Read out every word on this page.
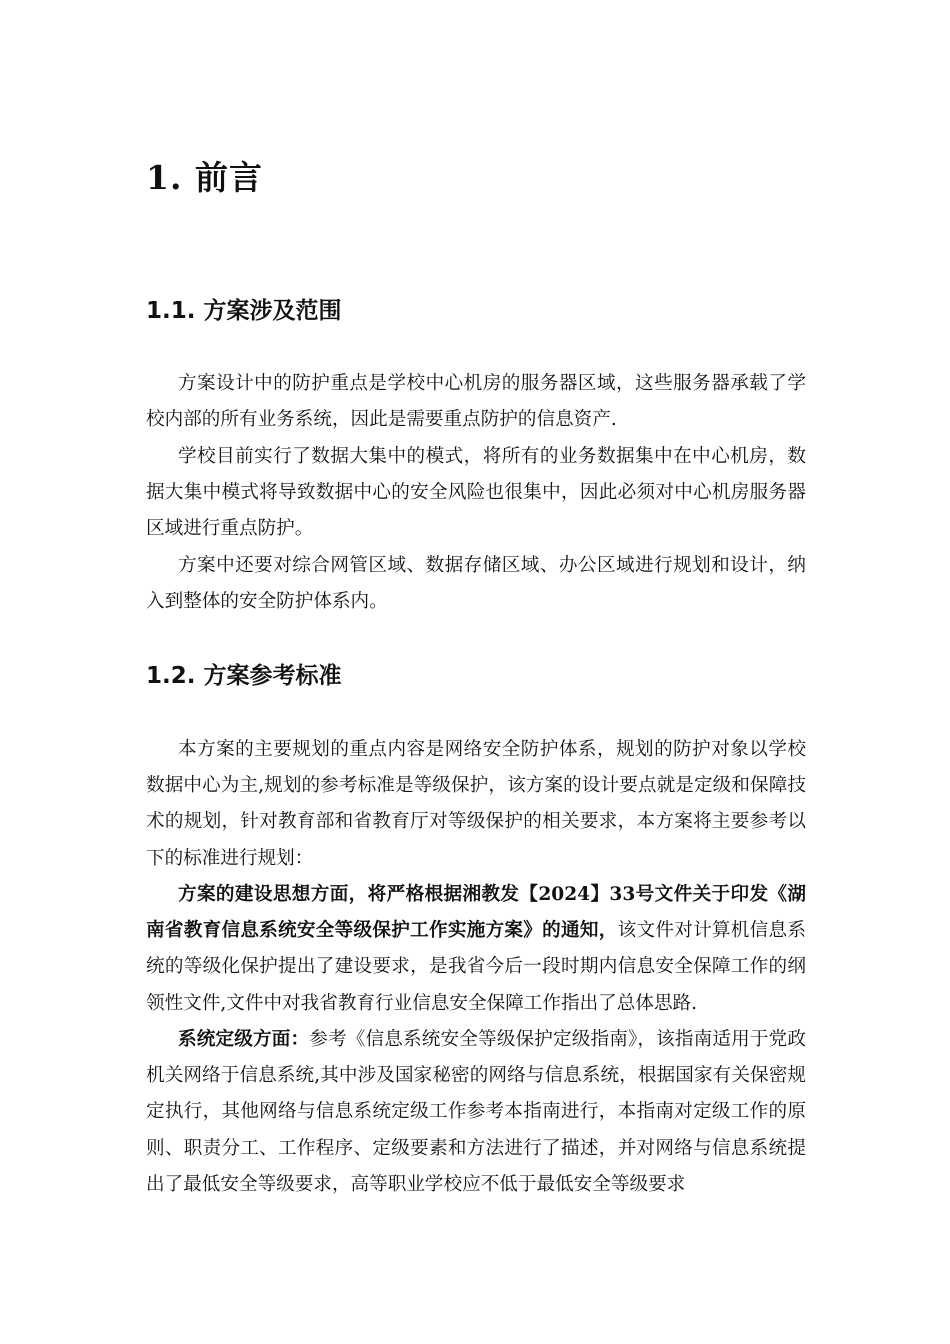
1. 前言
1.1. 方案涉及范围

方案设计中的防护重点是学校中心机房的服务器区域，这些服务器承载了学校内部的所有业务系统，因此是需要重点防护的信息资产.

学校目前实行了数据大集中的模式，将所有的业务数据集中在中心机房，数据大集中模式将导致数据中心的安全风险也很集中，因此必须对中心机房服务器区域进行重点防护。

方案中还要对综合网管区域、数据存储区域、办公区域进行规划和设计，纳入到整体的安全防护体系内。

1.2. 方案参考标准

本方案的主要规划的重点内容是网络安全防护体系，规划的防护对象以学校数据中心为主,规划的参考标准是等级保护，该方案的设计要点就是定级和保障技术的规划，针对教育部和省教育厅对等级保护的相关要求，本方案将主要参考以下的标准进行规划：

方案的建设思想方面，将严格根据湘教发【2024】33号文件关于印发《湖南省教育信息系统安全等级保护工作实施方案》的通知，该文件对计算机信息系统的等级化保护提出了建设要求，是我省今后一段时期内信息安全保障工作的纲领性文件,文件中对我省教育行业信息安全保障工作指出了总体思路.

系统定级方面：参考《信息系统安全等级保护定级指南》，该指南适用于党政机关网络于信息系统,其中涉及国家秘密的网络与信息系统，根据国家有关保密规定执行，其他网络与信息系统定级工作参考本指南进行，本指南对定级工作的原则、职责分工、工作程序、定级要素和方法进行了描述，并对网络与信息系统提出了最低安全等级要求，高等职业学校应不低于最低安全等级要求
